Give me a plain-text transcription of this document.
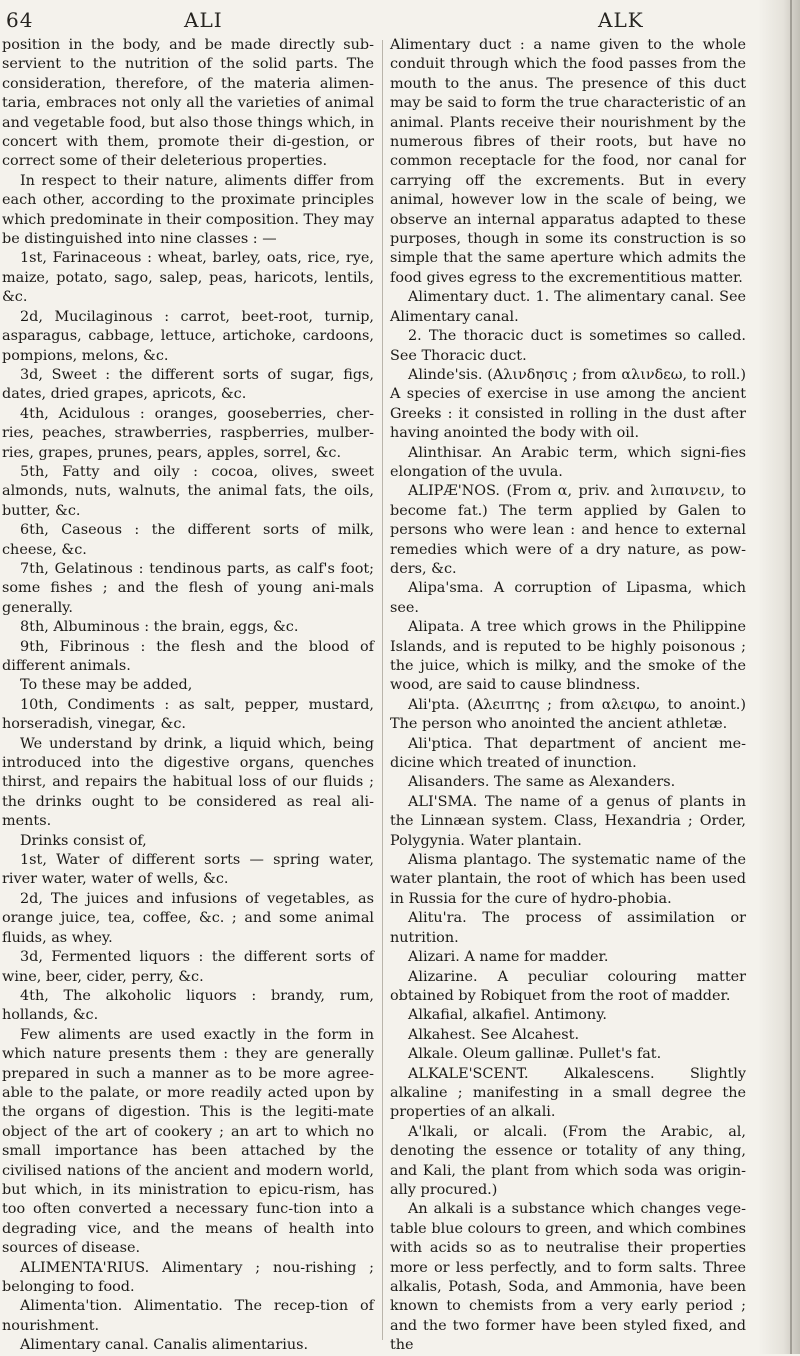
64	ALI	ALK

position in the body, and be made directly sub-servient to the nutrition of the solid parts. The consideration, therefore, of the materia alimen-taria, embraces not only all the varieties of animal and vegetable food, but also those things which, in concert with them, promote their di-gestion, or correct some of their deleterious properties.

In respect to their nature, aliments differ from each other, according to the proximate principles which predominate in their composition. They may be distinguished into nine classes : —

1st, Farinaceous : wheat, barley, oats, rice, rye, maize, potato, sago, salep, peas, haricots, lentils, &c.

2d, Mucilaginous : carrot, beet-root, turnip, asparagus, cabbage, lettuce, artichoke, cardoons, pompions, melons, &c.

3d, Sweet : the different sorts of sugar, figs, dates, dried grapes, apricots, &c.

4th, Acidulous : oranges, gooseberries, cher-ries, peaches, strawberries, raspberries, mulber-ries, grapes, prunes, pears, apples, sorrel, &c.

5th, Fatty and oily : cocoa, olives, sweet almonds, nuts, walnuts, the animal fats, the oils, butter, &c.

6th, Caseous : the different sorts of milk, cheese, &c.

7th, Gelatinous : tendinous parts, as calf's foot; some fishes ; and the flesh of young ani-mals generally.

8th, Albuminous : the brain, eggs, &c.

9th, Fibrinous : the flesh and the blood of different animals.

To these may be added,

10th, Condiments : as salt, pepper, mustard, horseradish, vinegar, &c.

We understand by drink, a liquid which, being introduced into the digestive organs, quenches thirst, and repairs the habitual loss of our fluids ; the drinks ought to be considered as real ali-ments.

Drinks consist of,

1st, Water of different sorts — spring water, river water, water of wells, &c.

2d, The juices and infusions of vegetables, as orange juice, tea, coffee, &c. ; and some animal fluids, as whey.

3d, Fermented liquors : the different sorts of wine, beer, cider, perry, &c.

4th, The alkoholic liquors : brandy, rum, hollands, &c.

Few aliments are used exactly in the form in which nature presents them : they are generally prepared in such a manner as to be more agree-able to the palate, or more readily acted upon by the organs of digestion. This is the legiti-mate object of the art of cookery ; an art to which no small importance has been attached by the civilised nations of the ancient and modern world, but which, in its ministration to epicu-rism, has too often converted a necessary func-tion into a degrading vice, and the means of health into sources of disease.

ALIMENTA'RIUS. Alimentary ; nou-rishing ; belonging to food.

Alimenta'tion. Alimentatio. The recep-tion of nourishment.

Alimentary canal. Canalis alimentarius.

Alimentary duct : a name given to the whole conduit through which the food passes from the mouth to the anus. The presence of this duct may be said to form the true characteristic of an animal. Plants receive their nourishment by the numerous fibres of their roots, but have no common receptacle for the food, nor canal for carrying off the excrements. But in every animal, however low in the scale of being, we observe an internal apparatus adapted to these purposes, though in some its construction is so simple that the same aperture which admits the food gives egress to the excrementitious matter.

Alimentary duct. 1. The alimentary canal. See Alimentary canal.

2. The thoracic duct is sometimes so called. See Thoracic duct.

Alinde'sis. (Αλινδησις ; from αλινδεω, to roll.) A species of exercise in use among the ancient Greeks : it consisted in rolling in the dust after having anointed the body with oil.

Alinthisar. An Arabic term, which signi-fies elongation of the uvula.

ALIPÆ'NOS. (From α, priv. and λιπαινειν, to become fat.) The term applied by Galen to persons who were lean : and hence to external remedies which were of a dry nature, as pow-ders, &c.

Alipa'sma. A corruption of Lipasma, which see.

Alipata. A tree which grows in the Philippine Islands, and is reputed to be highly poisonous ; the juice, which is milky, and the smoke of the wood, are said to cause blindness.

Ali'pta. (Αλειπτης ; from αλειφω, to anoint.) The person who anointed the ancient athletæ.

Ali'ptica. That department of ancient me-dicine which treated of inunction.

Alisanders. The same as Alexanders.

ALI'SMA. The name of a genus of plants in the Linnæan system. Class, Hexandria ; Order, Polygynia. Water plantain.

Alisma plantago. The systematic name of the water plantain, the root of which has been used in Russia for the cure of hydro-phobia.

Alitu'ra. The process of assimilation or nutrition.

Alizari. A name for madder.

Alizarine. A peculiar colouring matter obtained by Robiquet from the root of madder.

Alkafial, alkafiel. Antimony.

Alkahest. See Alcahest.

Alkale. Oleum gallinæ. Pullet's fat.

ALKALE'SCENT. Alkalescens. Slightly alkaline ; manifesting in a small degree the properties of an alkali.

A'lkali, or alcali. (From the Arabic, al, denoting the essence or totality of any thing, and Kali, the plant from which soda was origin-ally procured.)

An alkali is a substance which changes vege-table blue colours to green, and which combines with acids so as to neutralise their properties more or less perfectly, and to form salts. Three alkalis, Potash, Soda, and Ammonia, have been known to chemists from a very early period ; and the two former have been styled fixed, and the
